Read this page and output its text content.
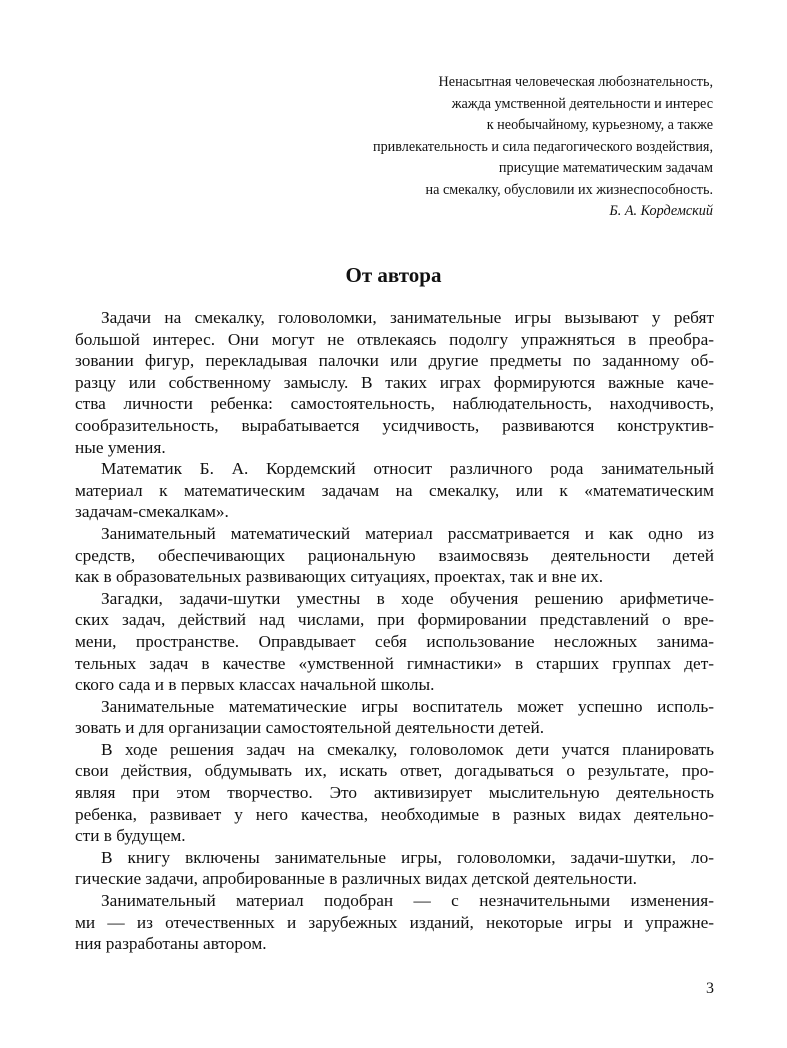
Ненасытная человеческая любознательность,
жажда умственной деятельности и интерес
к необычайному, курьезному, а также
привлекательность и сила педагогического воздействия,
присущие математическим задачам
на смекалку, обусловили их жизнеспособность.
Б. А. Кордемский
От автора
Задачи на смекалку, головоломки, занимательные игры вызывают у ребят
большой интерес. Они могут не отвлекаясь подолгу упражняться в преобра-
зовании фигур, перекладывая палочки или другие предметы по заданному об-
разцу или собственному замыслу. В таких играх формируются важные каче-
ства личности ребенка: самостоятельность, наблюдательность, находчивость,
сообразительность, вырабатывается усидчивость, развиваются конструктив-
ные умения.
Математик Б. А. Кордемский относит различного рода занимательный
материал к математическим задачам на смекалку, или к «математическим
задачам-смекалкам».
Занимательный математический материал рассматривается и как одно из
средств, обеспечивающих рациональную взаимосвязь деятельности детей
как в образовательных развивающих ситуациях, проектах, так и вне их.
Загадки, задачи-шутки уместны в ходе обучения решению арифметиче-
ских задач, действий над числами, при формировании представлений о вре-
мени, пространстве. Оправдывает себя использование несложных занима-
тельных задач в качестве «умственной гимнастики» в старших группах дет-
ского сада и в первых классах начальной школы.
Занимательные математические игры воспитатель может успешно исполь-
зовать и для организации самостоятельной деятельности детей.
В ходе решения задач на смекалку, головоломок дети учатся планировать
свои действия, обдумывать их, искать ответ, догадываться о результате, про-
являя при этом творчество. Это активизирует мыслительную деятельность
ребенка, развивает у него качества, необходимые в разных видах деятельно-
сти в будущем.
В книгу включены занимательные игры, головоломки, задачи-шутки, ло-
гические задачи, апробированные в различных видах детской деятельности.
Занимательный материал подобран — с незначительными изменения-
ми — из отечественных и зарубежных изданий, некоторые игры и упражне-
ния разработаны автором.
3
